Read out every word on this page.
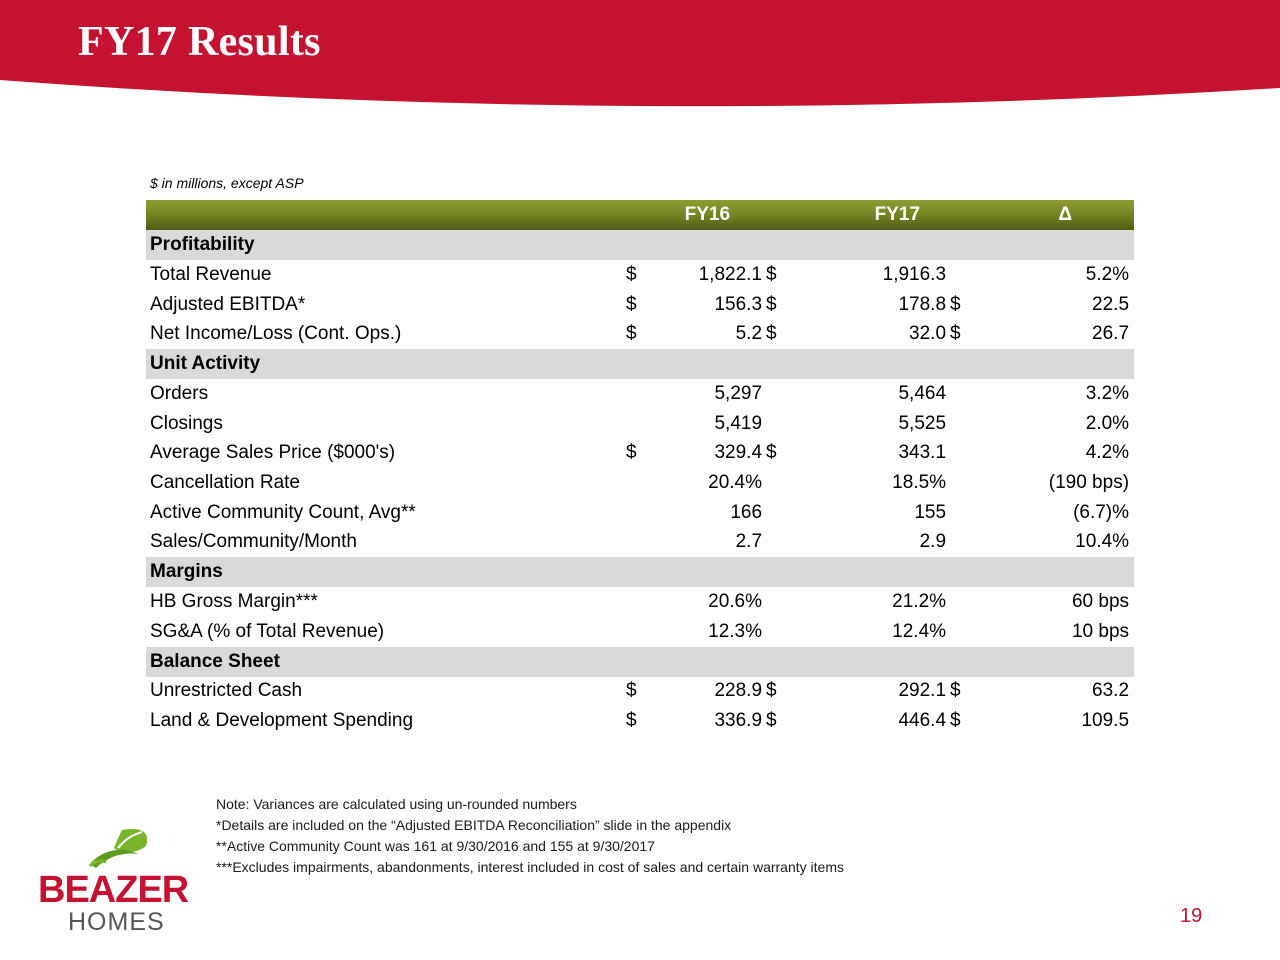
FY17 Results
$ in millions, except ASP
	FY16		FY17		Δ	
Profitability						
Total Revenue	$	1,822.1	$	1,916.3		5.2%
Adjusted EBITDA*	$	156.3	$	178.8	$	22.5
Net Income/Loss (Cont. Ops.)	$	5.2	$	32.0	$	26.7
Unit Activity						
Orders		5,297		5,464		3.2%
Closings		5,419		5,525		2.0%
Average Sales Price ($000's)	$	329.4	$	343.1		4.2%
Cancellation Rate		20.4%		18.5%		(190 bps)
Active Community Count, Avg**		166		155		(6.7)%
Sales/Community/Month		2.7		2.9		10.4%
Margins						
HB Gross Margin***		20.6%		21.2%		60 bps
SG&A (% of Total Revenue)		12.3%		12.4%		10 bps
Balance Sheet						
Unrestricted Cash	$	228.9	$	292.1	$	63.2
Land & Development Spending	$	336.9	$	446.4	$	109.5
Note: Variances are calculated using un-rounded numbers
*Details are included on the “Adjusted EBITDA Reconciliation” slide in the appendix
**Active Community Count was 161 at 9/30/2016 and 155 at 9/30/2017
***Excludes impairments, abandonments, interest included in cost of sales and certain warranty items
BEAZER
HOMES	19
